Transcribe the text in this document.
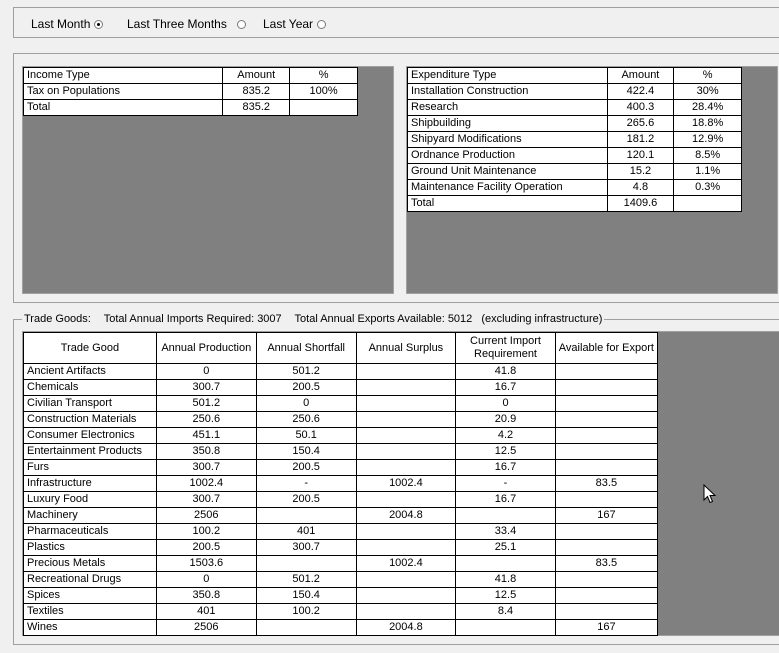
Last Month	Last Three Months	Last Year
Income Type	Amount	%
Tax on Populations	835.2	100%
Total	835.2	
Expenditure Type	Amount	%
Installation Construction	422.4	30%
Research	400.3	28.4%
Shipbuilding	265.6	18.8%
Shipyard Modifications	181.2	12.9%
Ordnance Production	120.1	8.5%
Ground Unit Maintenance	15.2	1.1%
Maintenance Facility Operation	4.8	0.3%
Total	1409.6	
Trade Goods: Total Annual Imports Required: 3007 Total Annual Exports Available: 5012 (excluding infrastructure)
Trade Good	Annual Production	Annual Shortfall	Annual Surplus	Current Import Requirement	Available for Export
Ancient Artifacts	0	501.2		41.8	
Chemicals	300.7	200.5		16.7	
Civilian Transport	501.2	0		0	
Construction Materials	250.6	250.6		20.9	
Consumer Electronics	451.1	50.1		4.2	
Entertainment Products	350.8	150.4		12.5	
Furs	300.7	200.5		16.7	
Infrastructure	1002.4	-	1002.4	-	83.5
Luxury Food	300.7	200.5		16.7	
Machinery	2506		2004.8		167
Pharmaceuticals	100.2	401		33.4	
Plastics	200.5	300.7		25.1	
Precious Metals	1503.6		1002.4		83.5
Recreational Drugs	0	501.2		41.8	
Spices	350.8	150.4		12.5	
Textiles	401	100.2		8.4	
Wines	2506		2004.8		167
